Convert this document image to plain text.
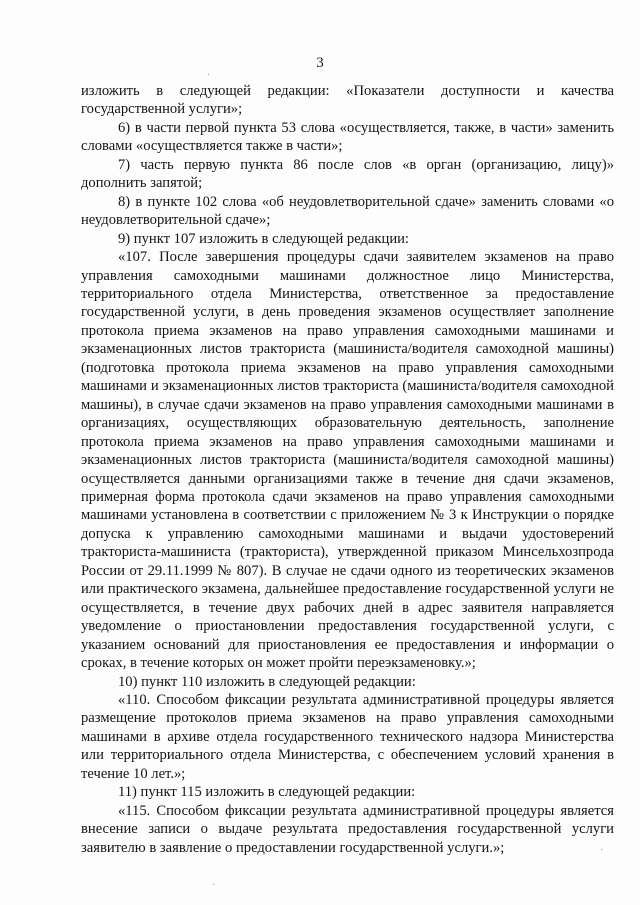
·
·
·
3

изложить в следующей редакции: «Показатели доступности и качества государственной услуги»;

6) в части первой пункта 53 слова «осуществляется, также, в части» заменить словами «осуществляется также в части»;

7) часть первую пункта 86 после слов «в орган (организацию, лицу)» дополнить запятой;

8) в пункте 102 слова «об неудовлетворительной сдаче» заменить словами «о неудовлетворительной сдаче»;

9) пункт 107 изложить в следующей редакции:

«107. После завершения процедуры сдачи заявителем экзаменов на право управления самоходными машинами должностное лицо Министерства, территориального отдела Министерства, ответственное за предоставление государственной услуги, в день проведения экзаменов осуществляет заполнение протокола приема экзаменов на право управления самоходными машинами и экзаменационных листов тракториста (машиниста/водителя самоходной машины) (подготовка протокола приема экзаменов на право управления самоходными машинами и экзаменационных листов тракториста (машиниста/водителя самоходной машины), в случае сдачи экзаменов на право управления самоходными машинами в организациях, осуществляющих образовательную деятельность, заполнение протокола приема экзаменов на право управления самоходными машинами и экзаменационных листов тракториста (машиниста/водителя самоходной машины) осуществляется данными организациями также в течение дня сдачи экзаменов, примерная форма протокола сдачи экзаменов на право управления самоходными машинами установлена в соответствии с приложением № 3 к Инструкции о порядке допуска к управлению самоходными машинами и выдачи удостоверений тракториста-машиниста (тракториста), утвержденной приказом Минсельхозпрода России от 29.11.1999 № 807). В случае не сдачи одного из теоретических экзаменов или практического экзамена, дальнейшее предоставление государственной услуги не осуществляется, в течение двух рабочих дней в адрес заявителя направляется уведомление о приостановлении предоставления государственной услуги, с указанием оснований для приостановления ее предоставления и информации о сроках, в течение которых он может пройти переэкзаменовку.»;

10) пункт 110 изложить в следующей редакции:

«110. Способом фиксации результата административной процедуры является размещение протоколов приема экзаменов на право управления самоходными машинами в архиве отдела государственного технического надзора Министерства или территориального отдела Министерства, с обеспечением условий хранения в течение 10 лет.»;

11) пункт 115 изложить в следующей редакции:

«115. Способом фиксации результата административной процедуры является внесение записи о выдаче результата предоставления государственной услуги заявителю в заявление о предоставлении государственной услуги.»;
